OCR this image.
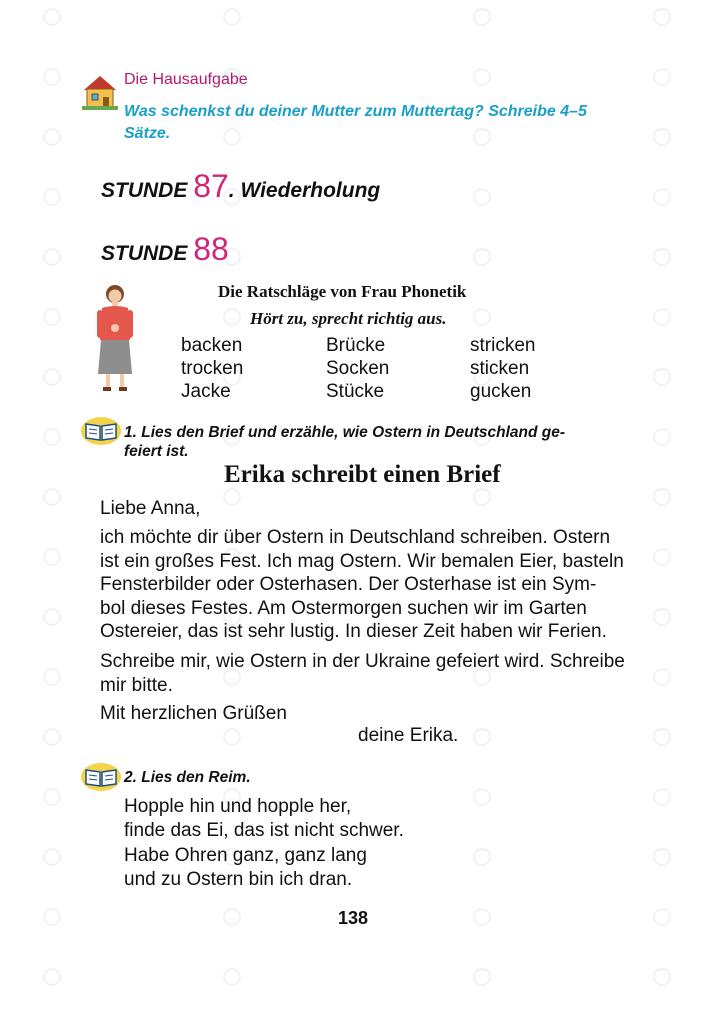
Die Hausaufgabe
Was schenkst du deiner Mutter zum Muttertag? Schreibe 4–5
Sätze.
STUNDE 87. Wiederholung
STUNDE 88
Die Ratschläge von Frau Phonetik
Hört zu, sprecht richtig aus.
backen	Brücke	stricken
trocken	Socken	sticken
Jacke	Stücke	gucken
1. Lies den Brief und erzähle, wie Ostern in Deutschland ge-
feiert ist.
Erika schreibt einen Brief
Liebe Anna,
ich möchte dir über Ostern in Deutschland schreiben. Ostern
ist ein großes Fest. Ich mag Ostern. Wir bemalen Eier, basteln
Fensterbilder oder Osterhasen. Der Osterhase ist ein Sym-
bol dieses Festes. Am Ostermorgen suchen wir im Garten
Ostereier, das ist sehr lustig. In dieser Zeit haben wir Ferien.
Schreibe mir, wie Ostern in der Ukraine gefeiert wird. Schreibe
mir bitte.
Mit herzlichen Grüßen
deine Erika.
2. Lies den Reim.
Hopple hin und hopple her,
finde das Ei, das ist nicht schwer.
Habe Ohren ganz, ganz lang
und zu Ostern bin ich dran.
138
